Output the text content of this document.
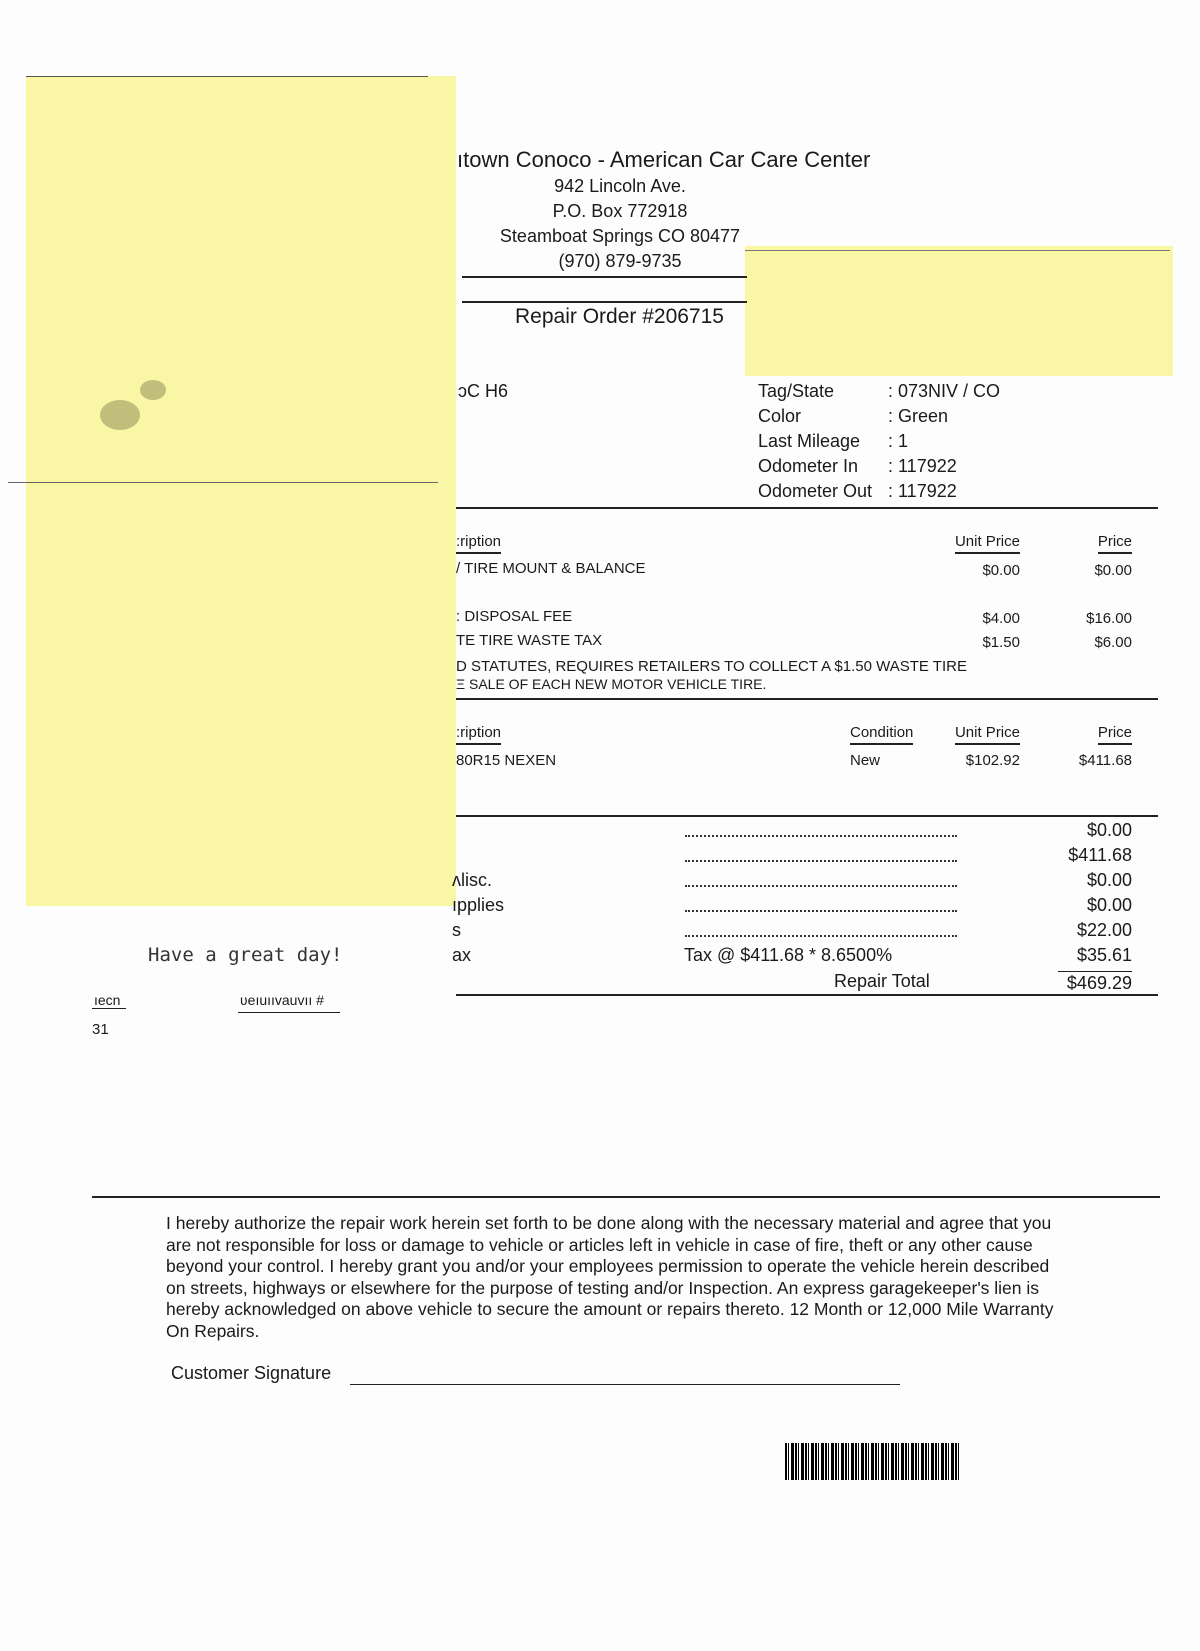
ıtown Conoco - American Car Care Center
942 Lincoln Ave.
P.O. Box 772918
Steamboat Springs CO 80477
(970) 879-9735
Repair Order #206715
ↄC H6	Tag/State	: 073NIV / CO
Color	: Green
Last Mileage : 1
Odometer In : 117922
Odometer Out : 117922
:ription	Unit Price	Price
/ TIRE MOUNT & BALANCE	$0.00	$0.00
: DISPOSAL FEE	$4.00	$16.00
TE TIRE WASTE TAX	$1.50	$6.00
D STATUTES, REQUIRES RETAILERS TO COLLECT A $1.50 WASTE TIRE
Ξ SALE OF EACH NEW MOTOR VEHICLE TIRE.
:ription	Condition	Unit Price	Price
80R15 NEXEN	New	$102.92	$411.68
$0.00
$411.68
ʌlisc.	$0.00
ıpplies	$0.00
s	$22.00
ax	Tax @ $411.68 * 8.6500%	$35.61
Repair Total	$469.29
Have a great day!
ıecn
31
ʋeıuııvauvıı #
I hereby authorize the repair work herein set forth to be done along with the necessary material and agree that you are not responsible for loss or damage to vehicle or articles left in vehicle in case of fire, theft or any other cause beyond your control. I hereby grant you and/or your employees permission to operate the vehicle herein described on streets, highways or elsewhere for the purpose of testing and/or Inspection. An express garagekeeper's lien is hereby acknowledged on above vehicle to secure the amount or repairs thereto. 12 Month or 12,000 Mile Warranty On Repairs.
Customer Signature
